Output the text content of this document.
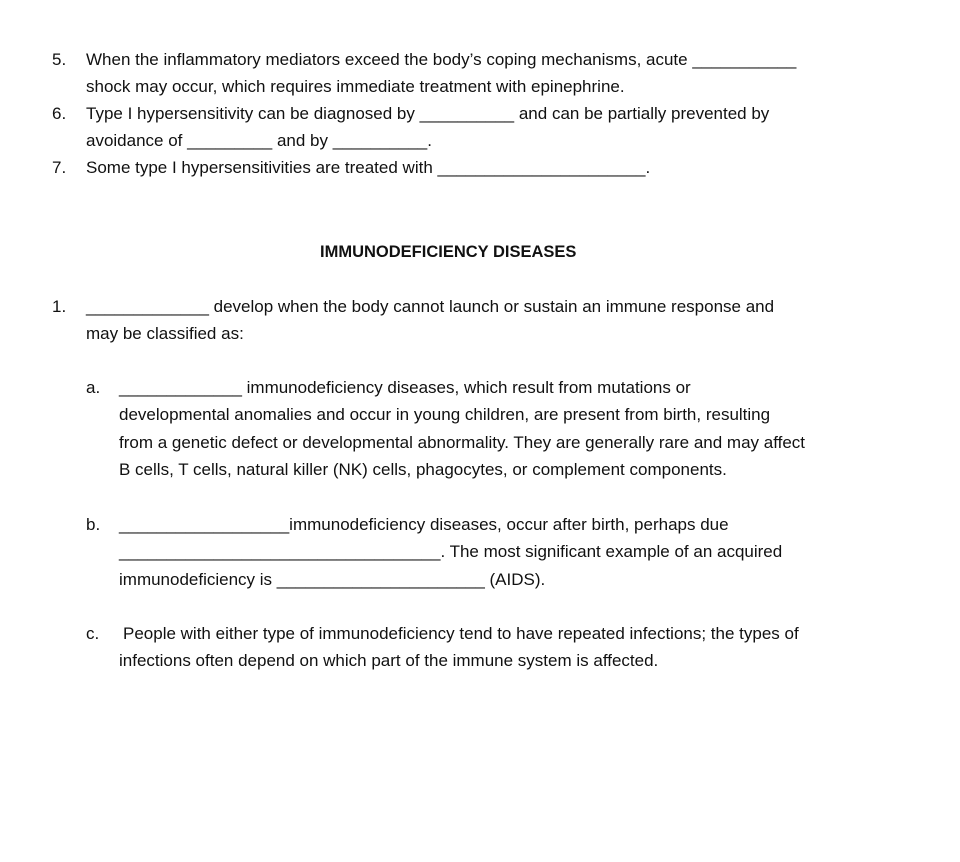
5. When the inflammatory mediators exceed the body’s coping mechanisms, acute ___________
shock may occur, which requires immediate treatment with epinephrine.
6. Type I hypersensitivity can be diagnosed by __________ and can be partially prevented by
avoidance of _________ and by __________.
7. Some type I hypersensitivities are treated with ______________________.
IMMUNODEFICIENCY DISEASES
1. _____________ develop when the body cannot launch or sustain an immune response and
may be classified as:
a. _____________ immunodeficiency diseases, which result from mutations or
developmental anomalies and occur in young children, are present from birth, resulting
from a genetic defect or developmental abnormality. They are generally rare and may affect
B cells, T cells, natural killer (NK) cells, phagocytes, or complement components.
b. __________________immunodeficiency diseases, occur after birth, perhaps due
__________________________________. The most significant example of an acquired
immunodeficiency is ______________________ (AIDS).
c. People with either type of immunodeficiency tend to have repeated infections; the types of
infections often depend on which part of the immune system is affected.
